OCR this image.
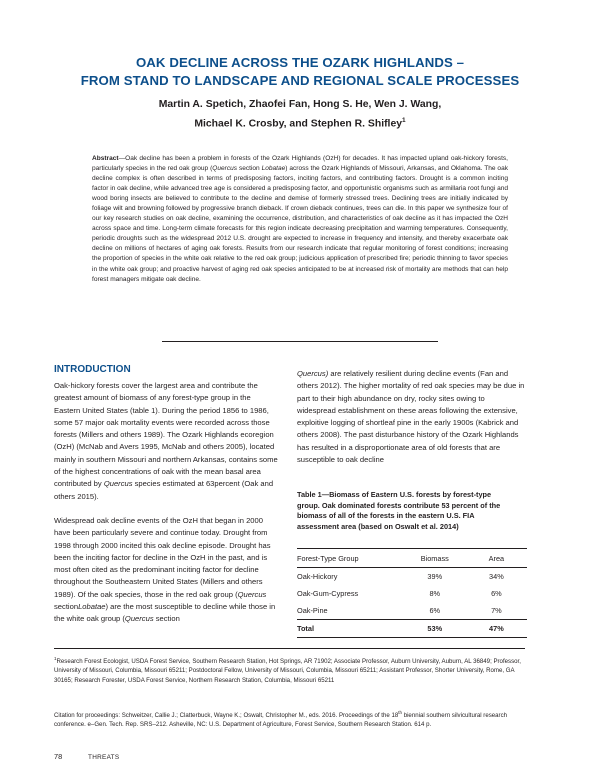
OAK DECLINE ACROSS THE OZARK HIGHLANDS –
FROM STAND TO LANDSCAPE AND REGIONAL SCALE PROCESSES
Martin A. Spetich, Zhaofei Fan, Hong S. He, Wen J. Wang,
Michael K. Crosby, and Stephen R. Shifley$^1$
Abstract—Oak decline has been a problem in forests of the Ozark Highlands (OzH) for decades. It has impacted upland oak-hickory forests, particularly species in the red oak group (Quercus section Lobatae) across the Ozark Highlands of Missouri, Arkansas, and Oklahoma. The oak decline complex is often described in terms of predisposing factors, inciting factors, and contributing factors. Drought is a common inciting factor in oak decline, while advanced tree age is considered a predisposing factor, and opportunistic organisms such as armillaria root fungi and wood boring insects are believed to contribute to the decline and demise of formerly stressed trees. Declining trees are initially indicated by foliage wilt and browning followed by progressive branch dieback. If crown dieback continues, trees can die. In this paper we synthesize four of our key research studies on oak decline, examining the occurrence, distribution, and characteristics of oak decline as it has impacted the OzH across space and time. Long-term climate forecasts for this region indicate decreasing precipitation and warming temperatures. Consequently, periodic droughts such as the widespread 2012 U.S. drought are expected to increase in frequency and intensity, and thereby exacerbate oak decline on millions of hectares of aging oak forests. Results from our research indicate that regular monitoring of forest conditions; increasing the proportion of species in the white oak relative to the red oak group; judicious application of prescribed fire; periodic thinning to favor species in the white oak group; and proactive harvest of aging red oak species anticipated to be at increased risk of mortality are methods that can help forest managers mitigate oak decline.
INTRODUCTION

Oak-hickory forests cover the largest area and contribute the greatest amount of biomass of any forest-type group in the Eastern United States (table 1). During the period 1856 to 1986, some 57 major oak mortality events were recorded across those forests (Millers and others 1989). The Ozark Highlands ecoregion (OzH) (McNab and Avers 1995, McNab and others 2005), located mainly in southern Missouri and northern Arkansas, contains some of the highest concentrations of oak with the mean basal area contributed by Quercus species estimated at 63percent (Oak and others 2015).

Widespread oak decline events of the OzH that began in 2000 have been particularly severe and continue today. Drought from 1998 through 2000 incited this oak decline episode. Drought has been the inciting factor for decline in the OzH in the past, and is most often cited as the predominant inciting factor for decline throughout the Southeastern United States (Millers and others 1989). Of the oak species, those in the red oak group (Quercus sectionLobatae) are the most susceptible to decline while those in the white oak group (Quercus section

Quercus) are relatively resilient during decline events (Fan and others 2012). The higher mortality of red oak species may be due in part to their high abundance on dry, rocky sites owing to widespread establishment on these areas following the extensive, exploitive logging of shortleaf pine in the early 1900s (Kabrick and others 2008). The past disturbance history of the Ozark Highlands has resulted in a disproportionate area of old forests that are susceptible to oak decline

Table 1—Biomass of Eastern U.S. forests by forest-type group. Oak dominated forests contribute 53 percent of the biomass of all of the forests in the eastern U.S. FIA assessment area (based on Oswalt et al. 2014)
Forest-Type Group	Biomass	Area
Oak-Hickory	39%	34%
Oak-Gum-Cypress	8%	6%
Oak-Pine	6%	7%
Total	53%	47%
$^1$Research Forest Ecologist, USDA Forest Service, Southern Research Station, Hot Springs, AR 71902; Associate Professor, Auburn University, Auburn, AL 36849; Professor, University of Missouri, Columbia, Missouri 65211; Postdoctoral Fellow, University of Missouri, Columbia, Missouri 65211; Assistant Professor, Shorter University, Rome, GA 30165; Research Forester, USDA Forest Service, Northern Research Station, Columbia, Missouri 65211
Citation for proceedings: Schweitzer, Callie J.; Clatterbuck, Wayne K.; Oswalt, Christopher M., eds. 2016. Proceedings of the 18th biennial southern silvicultural research conference. e–Gen. Tech. Rep. SRS–212. Asheville, NC: U.S. Department of Agriculture, Forest Service, Southern Research Station. 614 p.
78	THREATS
